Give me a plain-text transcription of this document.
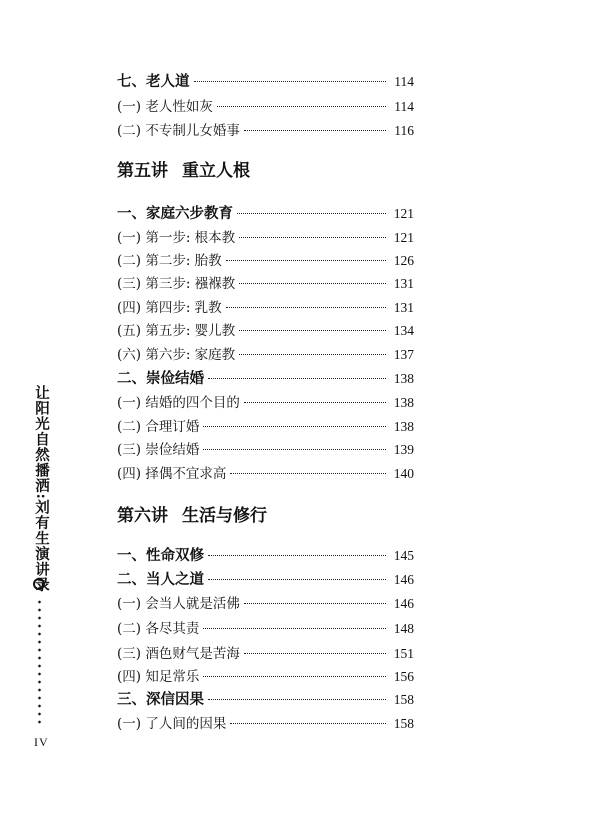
七、老人道	114
(一) 老人性如灰	114
(二) 不专制儿女婚事	116
第五讲 重立人根
一、家庭六步教育	121
(一) 第一步: 根本教	121
(二) 第二步: 胎教	126
(三) 第三步: 襁褓教	131
(四) 第四步: 乳教	131
(五) 第五步: 婴儿教	134
(六) 第六步: 家庭教	137
二、崇俭结婚	138
(一) 结婚的四个目的	138
(二) 合理订婚	138
(三) 崇俭结婚	139
(四) 择偶不宜求高	140
第六讲 生活与修行
一、性命双修	145
二、当人之道	146
(一) 会当人就是活佛	146
(二) 各尽其责	148
(三) 酒色财气是苦海	151
(四) 知足常乐	156
三、深信因果	158
(一) 了人间的因果	158
让阳光自然播洒:刘有生演讲录
IV
